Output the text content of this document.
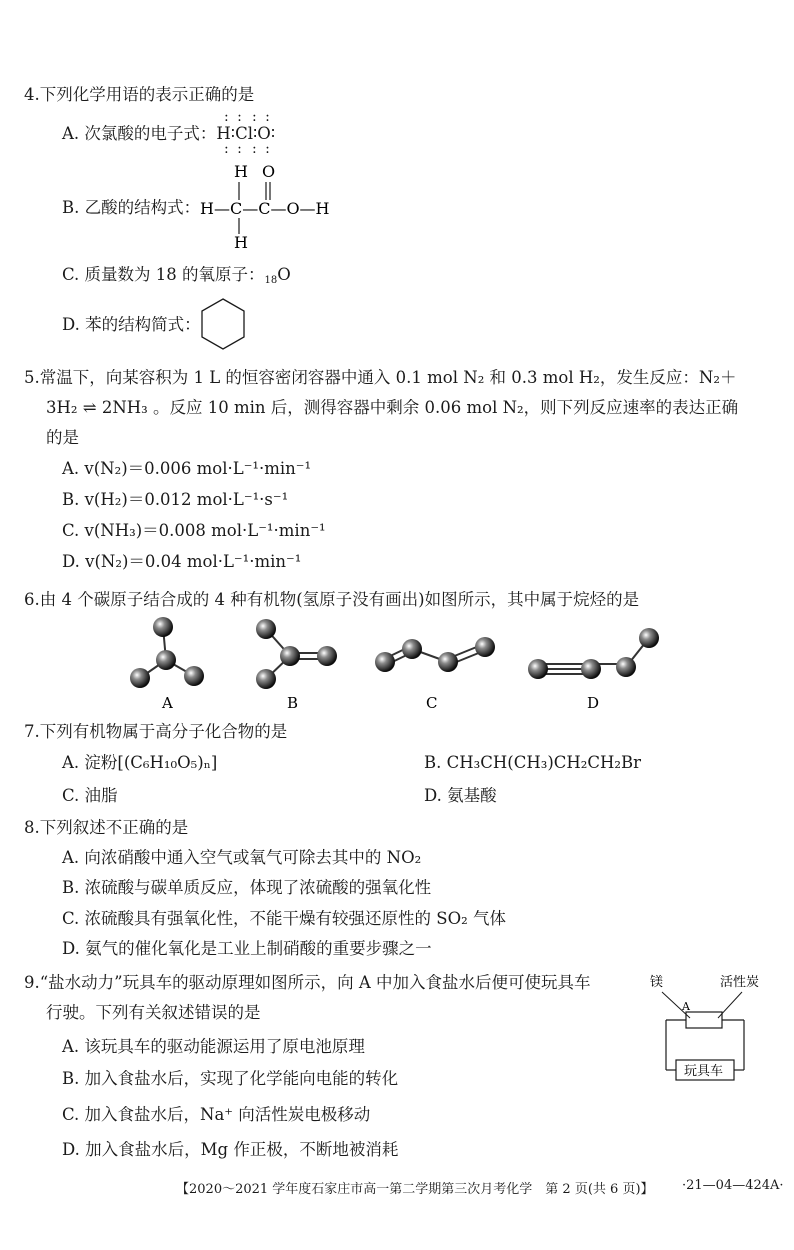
4.下列化学用语的表示正确的是
A. 次氯酸的电子式：H∶Cl∶O∶
: :
: :
: :
: :
B. 乙酸的结构式：
H O
H—C—C—O—H
H
C. 质量数为 18 的氧原子：$_{18}$O
D. 苯的结构简式：
5.常温下，向某容积为 1 L 的恒容密闭容器中通入 0.1 mol N₂ 和 0.3 mol H₂，发生反应：N₂＋
3H₂ ⇌ 2NH₃ 。反应 10 min 后，测得容器中剩余 0.06 mol N₂，则下列反应速率的表达正确
的是
A. v(N₂)＝0.006 mol·L⁻¹·min⁻¹
B. v(H₂)＝0.012 mol·L⁻¹·s⁻¹
C. v(NH₃)＝0.008 mol·L⁻¹·min⁻¹
D. v(N₂)＝0.04 mol·L⁻¹·min⁻¹
6.由 4 个碳原子结合成的 4 种有机物(氢原子没有画出)如图所示，其中属于烷烃的是
A	B	C	D
7.下列有机物属于高分子化合物的是
A. 淀粉[(C₆H₁₀O₅)ₙ]	B. CH₃CH(CH₃)CH₂CH₂Br
C. 油脂	D. 氨基酸
8.下列叙述不正确的是
A. 向浓硝酸中通入空气或氧气可除去其中的 NO₂
B. 浓硫酸与碳单质反应，体现了浓硫酸的强氧化性
C. 浓硫酸具有强氧化性，不能干燥有较强还原性的 SO₂ 气体
D. 氨气的催化氧化是工业上制硝酸的重要步骤之一
9.“盐水动力”玩具车的驱动原理如图所示，向 A 中加入食盐水后便可使玩具车
行驶。下列有关叙述错误的是
A. 该玩具车的驱动能源运用了原电池原理
B. 加入食盐水后，实现了化学能向电能的转化
C. 加入食盐水后，Na⁺ 向活性炭电极移动
D. 加入食盐水后，Mg 作正极，不断地被消耗
镁	活性炭
A
玩具车
【2020～2021 学年度石家庄市高一第二学期第三次月考化学　第 2 页(共 6 页)】 ·21—04—424A·
